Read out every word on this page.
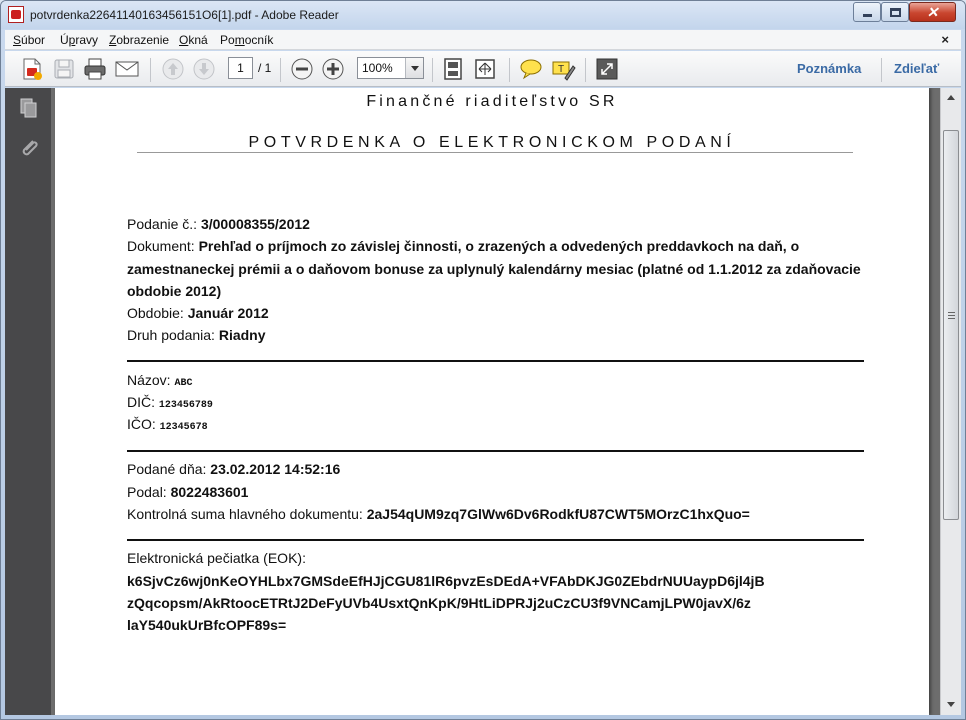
potvrdenka22641140163456151O6[1].pdf - Adobe Reader	✕
Súbor Úpravy Zobrazenie Okná Pomocník	×
1	/ 1	100%	T	Poznámka	Zdieľať
Finančné riaditeľstvo SR
POTVRDENKA O ELEKTRONICKOM PODANÍ
Podanie č.: 3/00008355/2012
Dokument: Prehľad o príjmoch zo závislej činnosti, o zrazených a odvedených preddavkoch na daň, o
zamestnaneckej prémii a o daňovom bonuse za uplynulý kalendárny mesiac (platné od 1.1.2012 za zdaňovacie
obdobie 2012)
Obdobie: Január 2012
Druh podania: Riadny
Názov: ABC
DIČ: 123456789
IČO: 12345678
Podané dňa: 23.02.2012 14:52:16
Podal: 8022483601
Kontrolná suma hlavného dokumentu: 2aJ54qUM9zq7GlWw6Dv6RodkfU87CWT5MOrzC1hxQuo=
Elektronická pečiatka (EOK):
k6SjvCz6wj0nKeOYHLbx7GMSdeEfHJjCGU81lR6pvzEsDEdA+VFAbDKJG0ZEbdrNUUaypD6jl4jB
zQqcopsm/AkRtoocETRtJ2DeFyUVb4UsxtQnKpK/9HtLiDPRJj2uCzCU3f9VNCamjLPW0javX/6z
laY540ukUrBfcOPF89s=
